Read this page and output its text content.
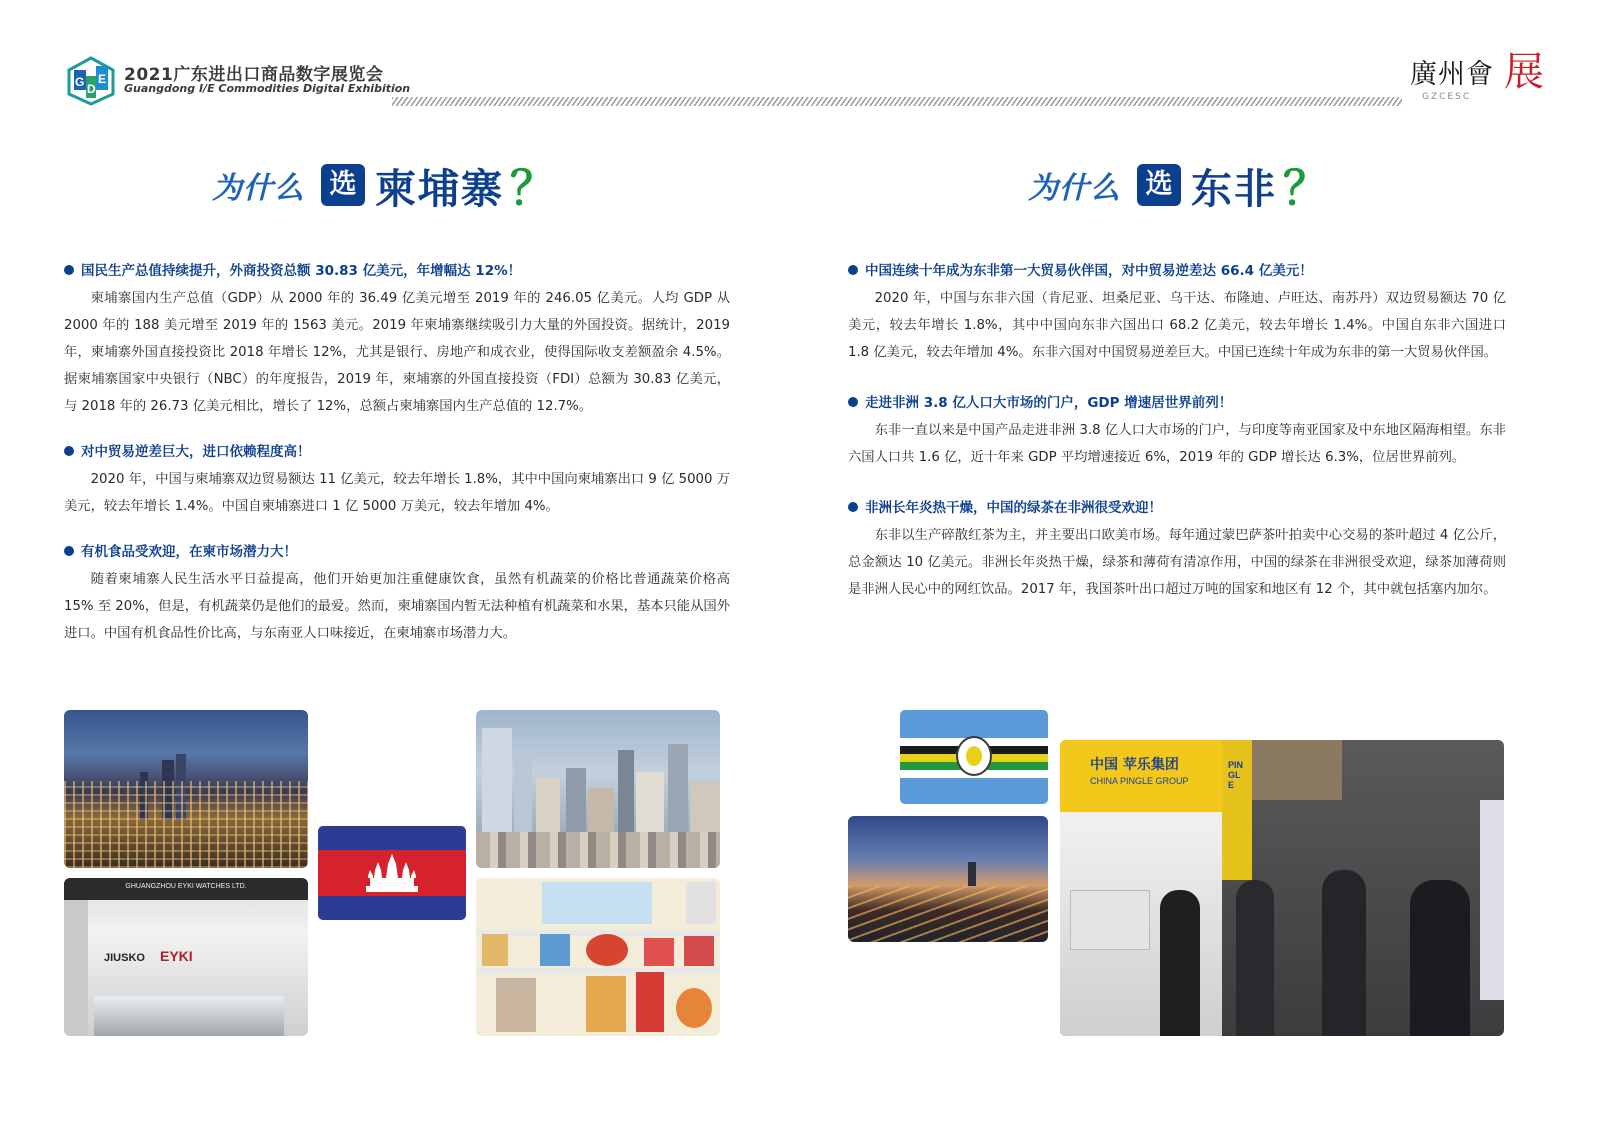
G D
E 2021广东进出口商品数字展览会
Guangdong I/E Commodities Digital Exhibition	廣州會 展
GZCESC
为什么 选 柬埔寨 ？	为什么 选 东非 ？
国民生产总值持续提升，外商投资总额 30.83 亿美元，年增幅达 12%！
柬埔寨国内生产总值（GDP）从 2000 年的 36.49 亿美元增至 2019 年的 246.05 亿美元。人均 GDP 从 2000 年的 188 美元增至 2019 年的 1563 美元。2019 年柬埔寨继续吸引力大量的外国投资。据统计，2019 年，柬埔寨外国直接投资比 2018 年增长 12%，尤其是银行、房地产和成衣业，使得国际收支差额盈余 4.5%。据柬埔寨国家中央银行（NBC）的年度报告，2019 年，柬埔寨的外国直接投资（FDI）总额为 30.83 亿美元，与 2018 年的 26.73 亿美元相比，增长了 12%，总额占柬埔寨国内生产总值的 12.7%。
对中贸易逆差巨大，进口依赖程度高！
2020 年，中国与柬埔寨双边贸易额达 11 亿美元，较去年增长 1.8%，其中中国向柬埔寨出口 9 亿 5000 万美元，较去年增长 1.4%。中国自柬埔寨进口 1 亿 5000 万美元，较去年增加 4%。
有机食品受欢迎，在柬市场潜力大！
随着柬埔寨人民生活水平日益提高，他们开始更加注重健康饮食，虽然有机蔬菜的价格比普通蔬菜价格高 15% 至 20%，但是，有机蔬菜仍是他们的最爱。然而，柬埔寨国内暂无法种植有机蔬菜和水果，基本只能从国外进口。中国有机食品性价比高，与东南亚人口味接近，在柬埔寨市场潜力大。
中国连续十年成为东非第一大贸易伙伴国，对中贸易逆差达 66.4 亿美元！
2020 年，中国与东非六国（肯尼亚、坦桑尼亚、乌干达、布隆迪、卢旺达、南苏丹）双边贸易额达 70 亿美元，较去年增长 1.8%，其中中国向东非六国出口 68.2 亿美元，较去年增长 1.4%。中国自东非六国进口 1.8 亿美元，较去年增加 4%。东非六国对中国贸易逆差巨大。中国已连续十年成为东非的第一大贸易伙伴国。
走进非洲 3.8 亿人口大市场的门户，GDP 增速居世界前列！
东非一直以来是中国产品走进非洲 3.8 亿人口大市场的门户，与印度等南亚国家及中东地区隔海相望。东非六国人口共 1.6 亿，近十年来 GDP 平均增速接近 6%，2019 年的 GDP 增长达 6.3%，位居世界前列。
非洲长年炎热干燥，中国的绿茶在非洲很受欢迎！
东非以生产碎散红茶为主，并主要出口欧美市场。每年通过蒙巴萨茶叶拍卖中心交易的茶叶超过 4 亿公斤，总金额达 10 亿美元。非洲长年炎热干燥，绿茶和薄荷有清凉作用，中国的绿茶在非洲很受欢迎，绿茶加薄荷则是非洲人民心中的网红饮品。2017 年，我国茶叶出口超过万吨的国家和地区有 12 个，其中就包括塞内加尔。
GHUANGZHOU EYKI WATCHES LTD.
JIUSKO EYKI
中国 苹乐集团
CHINA PINGLE GROUP
PINGLE
